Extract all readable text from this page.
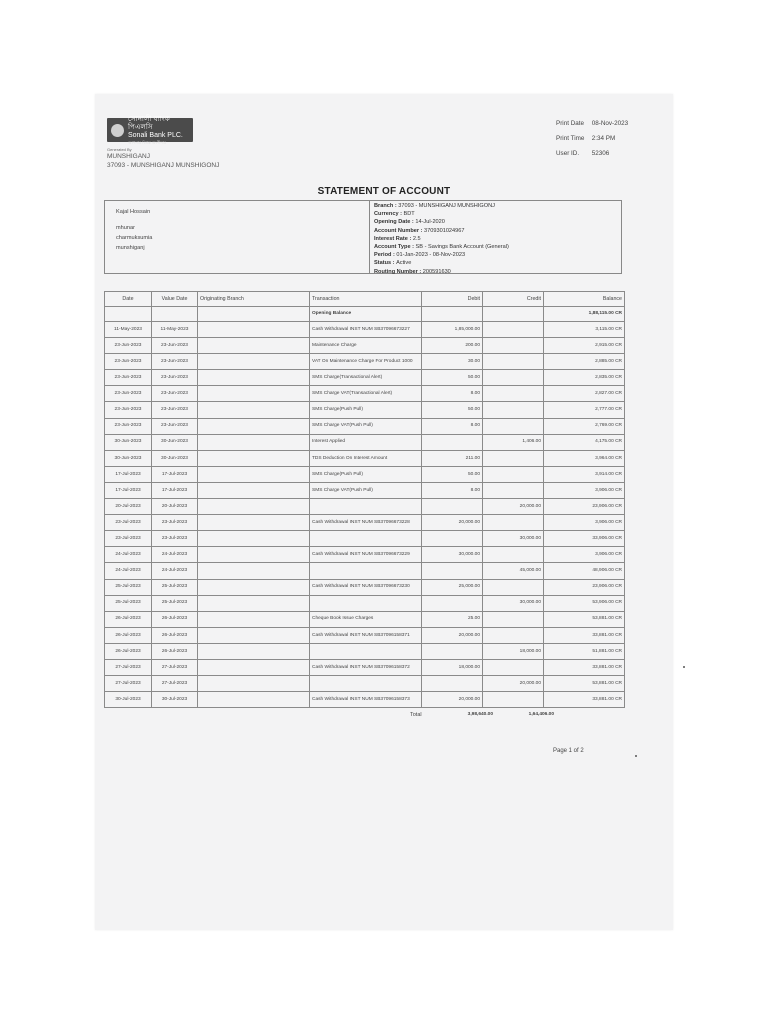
সোনালী ব্যাংক পিএলসি
Sonali Bank PLC.
আপনার বিশ্বস্ত অংশীদার
Generated By
MUNSHIGANJ
37093 - MUNSHIGANJ MUNSHIGONJ
Print Date 08-Nov-2023
Print Time 2:34 PM
User ID. 52306
STATEMENT OF ACCOUNT
Kajal Hossain
mhunar
charmuksumia
munshiganj
Branch : 37093 - MUNSHIGANJ MUNSHIGONJ
Currency : BDT
Opening Date : 14-Jul-2020
Account Number : 3709301024967
Interest Rate : 2.5
Account Type : SB - Savings Bank Account (General)
Period : 01-Jan-2023 - 08-Nov-2023
Status : Active
Routing Number : 200591630
Date	Value Date	Originating Branch	Transaction	Debit	Credit	Balance
			Opening Balance			1,88,115.00 CR
11-May-2023	11-May-2023		Cash Withdrawal INST NUM SB37096673227	1,85,000.00		3,115.00 CR
23-Jun-2023	23-Jun-2023		Maintenance Charge	200.00		2,915.00 CR
23-Jun-2023	23-Jun-2023		VAT On Maintenance Charge For Product 1000	30.00		2,885.00 CR
23-Jun-2023	23-Jun-2023		SMS Charge(Transactional Alert)	50.00		2,835.00 CR
23-Jun-2023	23-Jun-2023		SMS Charge VAT(Transactional Alert)	8.00		2,827.00 CR
23-Jun-2023	23-Jun-2023		SMS Charge(Push Pull)	50.00		2,777.00 CR
23-Jun-2023	23-Jun-2023		SMS Charge VAT(Push Pull)	8.00		2,769.00 CR
30-Jun-2023	30-Jun-2023		Interest Applied		1,406.00	4,175.00 CR
30-Jun-2023	30-Jun-2023		TDS Deduction On Interest Amount	211.00		3,964.00 CR
17-Jul-2023	17-Jul-2023		SMS Charge(Push Pull)	50.00		3,914.00 CR
17-Jul-2023	17-Jul-2023		SMS Charge VAT(Push Pull)	8.00		3,906.00 CR
20-Jul-2023	20-Jul-2023				20,000.00	23,906.00 CR
23-Jul-2023	23-Jul-2023		Cash Withdrawal INST NUM SB37096673228	20,000.00		3,906.00 CR
23-Jul-2023	23-Jul-2023				30,000.00	33,906.00 CR
24-Jul-2023	24-Jul-2023		Cash Withdrawal INST NUM SB37096673229	30,000.00		3,906.00 CR
24-Jul-2023	24-Jul-2023				45,000.00	48,906.00 CR
25-Jul-2023	25-Jul-2023		Cash Withdrawal INST NUM SB37096673230	25,000.00		23,906.00 CR
25-Jul-2023	25-Jul-2023				30,000.00	53,906.00 CR
26-Jul-2023	26-Jul-2023		Cheque Book Issue Charges	25.00		53,881.00 CR
26-Jul-2023	26-Jul-2023		Cash Withdrawal INST NUM SB37096158371	20,000.00		33,881.00 CR
26-Jul-2023	26-Jul-2023				18,000.00	51,881.00 CR
27-Jul-2023	27-Jul-2023		Cash Withdrawal INST NUM SB37096158372	18,000.00		33,881.00 CR
27-Jul-2023	27-Jul-2023				20,000.00	53,881.00 CR
30-Jul-2023	30-Jul-2023		Cash Withdrawal INST NUM SB37096158373	20,000.00		33,881.00 CR
Total	3,98,640.00	1,64,406.00
Page 1 of 2
